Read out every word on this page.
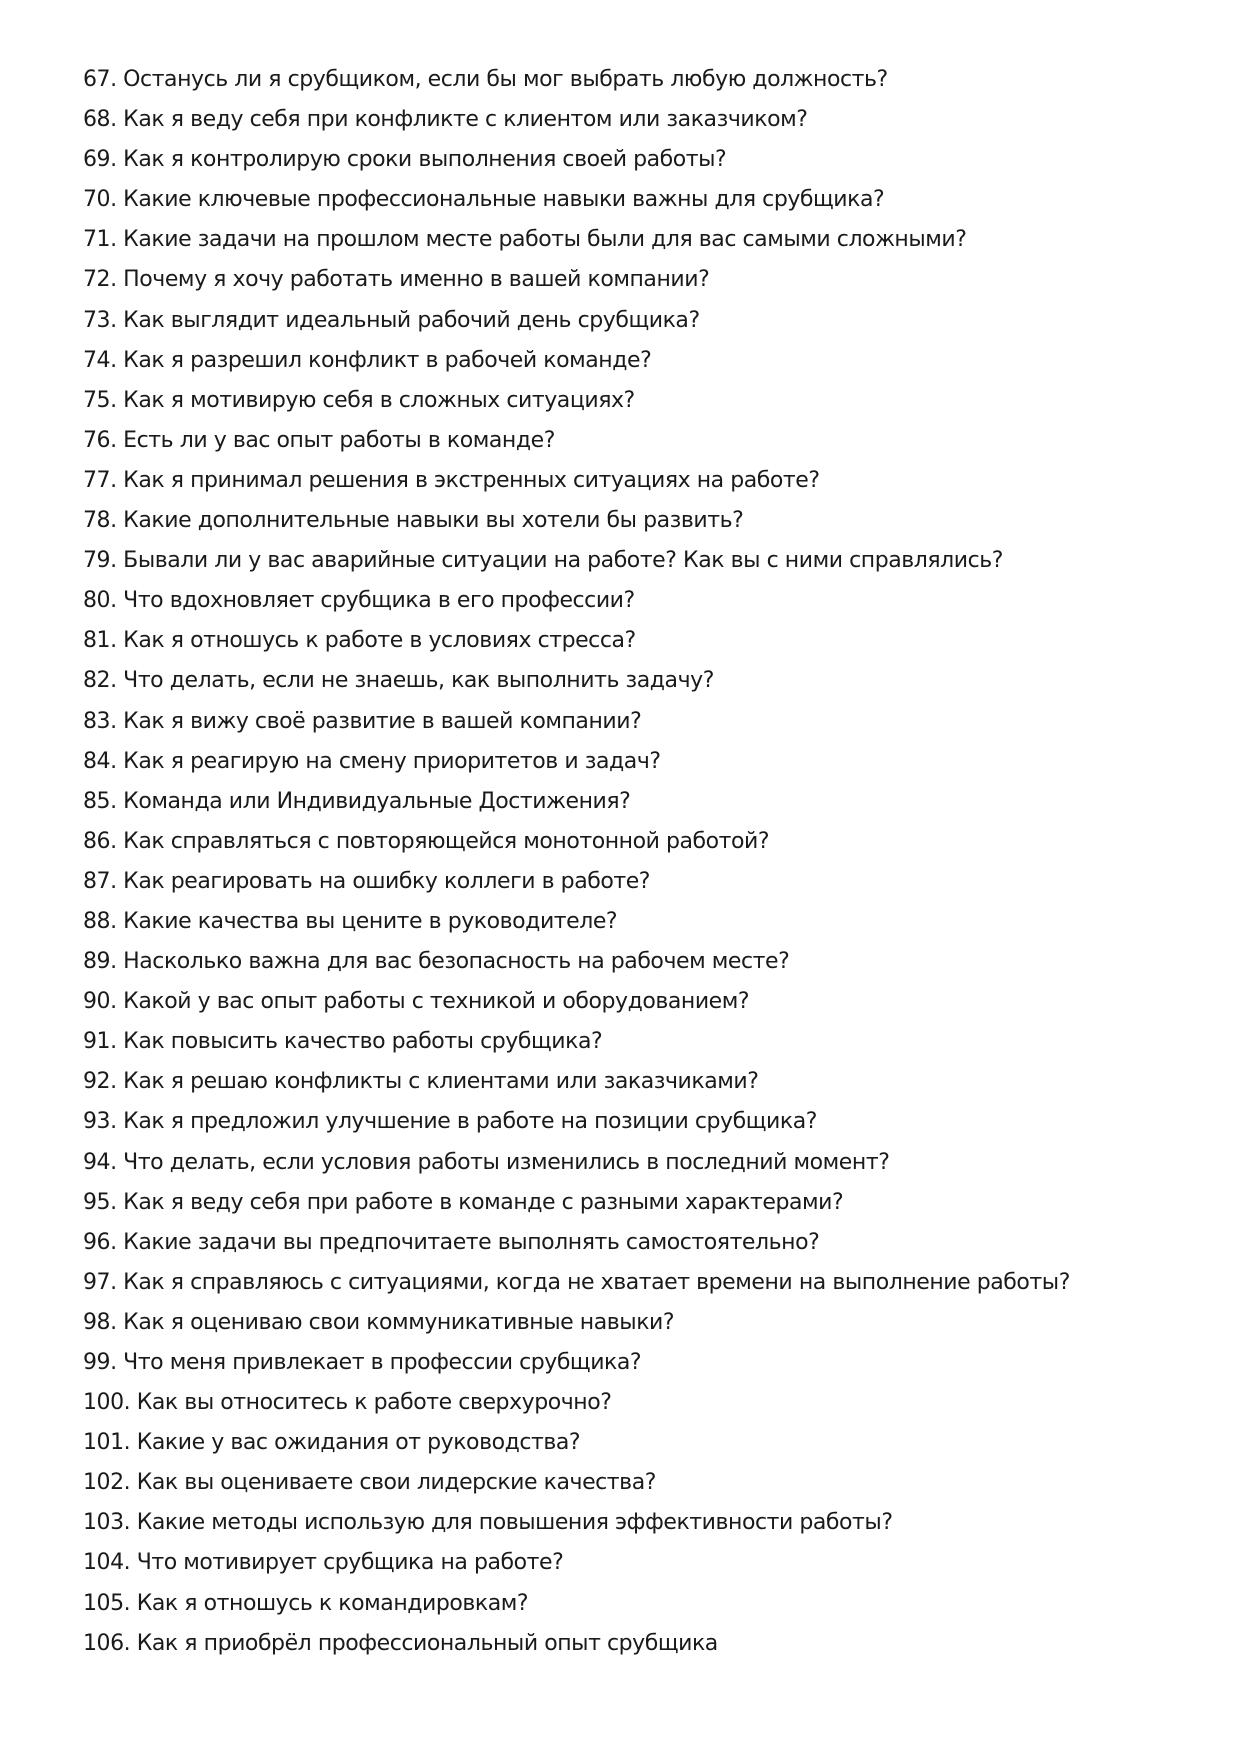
67. Останусь ли я срубщиком, если бы мог выбрать любую должность?
68. Как я веду себя при конфликте с клиентом или заказчиком?
69. Как я контролирую сроки выполнения своей работы?
70. Какие ключевые профессиональные навыки важны для срубщика?
71. Какие задачи на прошлом месте работы были для вас самыми сложными?
72. Почему я хочу работать именно в вашей компании?
73. Как выглядит идеальный рабочий день срубщика?
74. Как я разрешил конфликт в рабочей команде?
75. Как я мотивирую себя в сложных ситуациях?
76. Есть ли у вас опыт работы в команде?
77. Как я принимал решения в экстренных ситуациях на работе?
78. Какие дополнительные навыки вы хотели бы развить?
79. Бывали ли у вас аварийные ситуации на работе? Как вы с ними справлялись?
80. Что вдохновляет срубщика в его профессии?
81. Как я отношусь к работе в условиях стресса?
82. Что делать, если не знаешь, как выполнить задачу?
83. Как я вижу своё развитие в вашей компании?
84. Как я реагирую на смену приоритетов и задач?
85. Команда или Индивидуальные Достижения?
86. Как справляться с повторяющейся монотонной работой?
87. Как реагировать на ошибку коллеги в работе?
88. Какие качества вы цените в руководителе?
89. Насколько важна для вас безопасность на рабочем месте?
90. Какой у вас опыт работы с техникой и оборудованием?
91. Как повысить качество работы срубщика?
92. Как я решаю конфликты с клиентами или заказчиками?
93. Как я предложил улучшение в работе на позиции срубщика?
94. Что делать, если условия работы изменились в последний момент?
95. Как я веду себя при работе в команде с разными характерами?
96. Какие задачи вы предпочитаете выполнять самостоятельно?
97. Как я справляюсь с ситуациями, когда не хватает времени на выполнение работы?
98. Как я оцениваю свои коммуникативные навыки?
99. Что меня привлекает в профессии срубщика?
100. Как вы относитесь к работе сверхурочно?
101. Какие у вас ожидания от руководства?
102. Как вы оцениваете свои лидерские качества?
103. Какие методы использую для повышения эффективности работы?
104. Что мотивирует срубщика на работе?
105. Как я отношусь к командировкам?
106. Как я приобрёл профессиональный опыт срубщика
